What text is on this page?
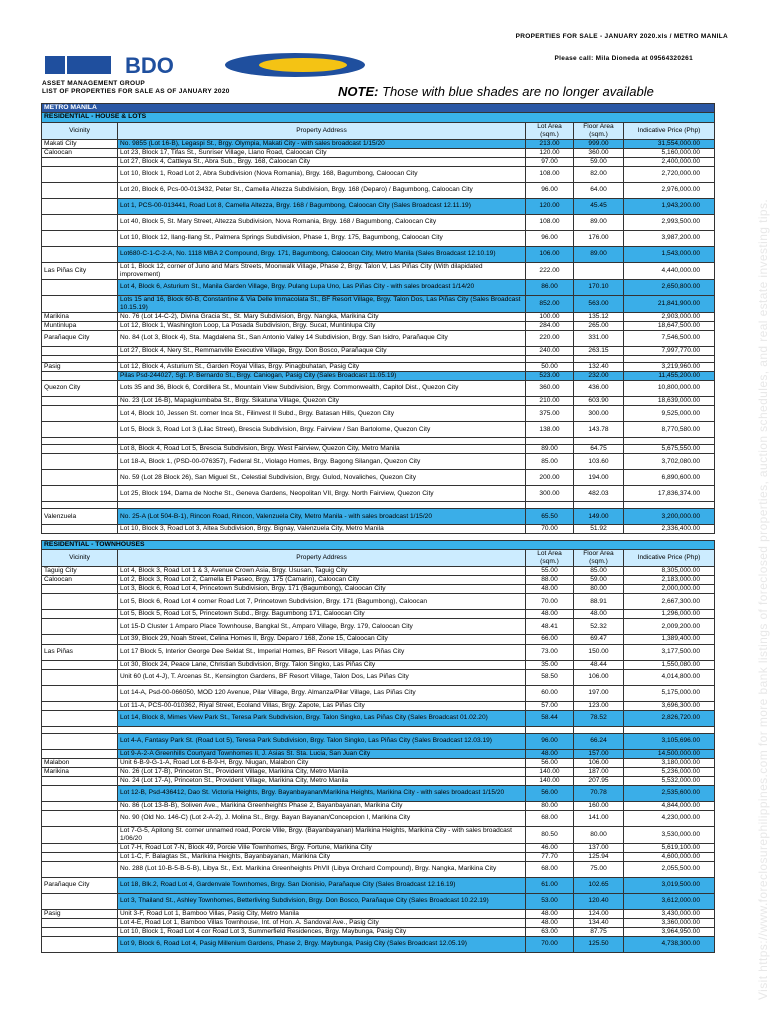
PROPERTIES FOR SALE - JANUARY 2020.xls / METRO MANILA
BDO	Please call: Mila Dioneda at 09564320261
ASSET MANAGEMENT GROUP
LIST OF PROPERTIES FOR SALE AS OF JANUARY 2020	NOTE: Those with blue shades are no longer available
Visit https://www.foreclosurephilippines.com for more bank listings of foreclosed properties, auction schedules, and real estate investing tips.
METRO MANILA				
RESIDENTIAL - HOUSE & LOTS				
Vicinity	Property Address	Lot Area (sqm.)	Floor Area (sqm.)	Indicative Price (Php)
Makati City	No. 9855 (Lot 16-B), Legaspi St., Brgy. Olympia, Makati City - with sales broadcast 1/15/20	213.00	999.00	31,554,000.00
Caloocan	Lot 23, Block 17, Tifas St., Sunriser Village, Llano Road, Caloocan City	120.00	360.00	5,160,000.00
	Lot 27, Block 4, Cattleya St., Abra Sub., Brgy. 168, Caloocan City	97.00	59.00	2,400,000.00
	Lot 10, Block 1, Road Lot 2, Abra Subdivision (Nova Romania), Brgy. 168, Bagumbong, Caloocan City	108.00	82.00	2,720,000.00
	Lot 20, Block 6, Pcs-00-013432, Peter St., Camella Altezza Subdivision, Brgy. 168 (Deparo) / Bagumbong, Caloocan City	96.00	64.00	2,976,000.00
	Lot 1, PCS-00-013441, Road Lot 8, Camella Altezza, Brgy. 168 / Bagumbong, Caloocan City (Sales Broadcast 12.11.19)	120.00	45.45	1,943,200.00
	Lot 40, Block 5, St. Mary Street, Altezza Subdivision, Nova Romania, Brgy. 168 / Bagumbong, Caloocan City	108.00	89.00	2,993,500.00
	Lot 10, Block 12, Ilang-Ilang St., Palmera Springs Subdivision, Phase 1, Brgy. 175, Bagumbong, Caloocan City	96.00	176.00	3,987,200.00
	Lot680-C-1-C-2-A, No. 1118 MBA 2 Compound, Brgy. 171, Bagumbong, Caloocan City, Metro Manila (Sales Broadcast 12.10.19)	106.00	89.00	1,543,000.00
Las Piñas City	Lot 1, Block 12, corner of Juno and Mars Streets, Moonwalk Village, Phase 2, Brgy. Talon V, Las Piñas City (With dilapidated improvement)	222.00		4,440,000.00
	Lot 4, Block 6, Asturium St., Manila Garden Village, Brgy. Pulang Lupa Uno, Las Piñas City - with sales broadcast 1/14/20	86.00	170.10	2,650,800.00
	Lots 15 and 16, Block 60-B, Constantine & Via Delle Immacolata St., BF Resort Village, Brgy. Talon Dos, Las Piñas City (Sales Broadcast 10.15.19)	852.00	563.00	21,841,900.00
Marikina	No. 76 (Lot 14-C-2), Divina Gracia St., St. Mary Subdivision, Brgy. Nangka, Marikina City	100.00	135.12	2,903,000.00
Muntinlupa	Lot 12, Block 1, Washington Loop, La Posada Subdivision, Brgy. Sucat, Muntinlupa City	284.00	265.00	18,647,500.00
Parañaque City	No. 84 (Lot 3, Block 4), Sta. Magdalena St., San Antonio Valley 14 Subdivision, Brgy. San Isidro, Parañaque City	220.00	331.00	7,546,500.00
	Lot 27, Block 4, Nery St., Remmanville Executive Village, Brgy. Don Bosco, Parañaque City	240.00	263.15	7,997,770.00

Pasig	Lot 12, Block 4, Asturium St., Garden Royal Villas, Brgy. Pinagbuhatan, Pasig City	50.00	132.40	3,219,960.00
	Pilas Psd-244027, Sgt. P. Bernardo St., Brgy. Caniogan, Pasig City (Sales Broadcast 11.05.19)	523.00	232.00	11,455,200.00
Quezon City	Lots 35 and 36, Block 6, Cordillera St., Mountain View Subdivision, Brgy. Commonwealth, Capitol Dist., Quezon City	360.00	436.00	10,800,000.00
	No. 23 (Lot 16-B), Mapagkumbaba St., Brgy. Sikatuna Village, Quezon City	210.00	603.90	18,639,000.00
	Lot 4, Block 10, Jessen St. corner Inca St., Filinvest II Subd., Brgy. Batasan Hills, Quezon City	375.00	300.00	9,525,000.00
	Lot 5, Block 3, Road Lot 3 (Lilac Street), Brescia Subdivision, Brgy. Fairview / San Bartolome, Quezon City	138.00	143.78	8,770,580.00

	Lot 8, Block 4, Road Lot 5, Brescia Subdivision, Brgy. West Fairview, Quezon City, Metro Manila	89.00	64.75	5,675,550.00
	Lot 18-A, Block 1, (PSD-00-076357), Federal St., Violago Homes, Brgy. Bagong Silangan, Quezon City	85.00	103.60	3,702,080.00
	No. 59 (Lot 28 Block 26), San Miguel St., Celestial Subdivision, Brgy. Gulod, Novaliches, Quezon City	200.00	194.00	6,890,600.00
	Lot 25, Block 194, Dama de Noche St., Geneva Gardens, Neopolitan VII, Brgy. North Fairview, Quezon City	300.00	482.03	17,836,374.00

Valenzuela	No. 25-A (Lot 504-B-1), Rincon Road, Rincon, Valenzuela City, Metro Manila - with sales broadcast 1/15/20	65.50	149.00	3,200,000.00
	Lot 10, Block 3, Road Lot 3, Altea Subdivision, Brgy. Bignay, Valenzuela City, Metro Manila	70.00	51.92	2,336,400.00
RESIDENTIAL - TOWNHOUSES				
Vicinity	Property Address	Lot Area (sqm.)	Floor Area (sqm.)	Indicative Price (Php)
Taguig City	Lot 4, Block 3, Road Lot 1 & 3, Avenue Crown Asia, Brgy. Ususan, Taguig City	55.00	85.00	8,305,000.00
Caloocan	Lot 2, Block 3, Road Lot 2, Camella El Paseo, Brgy. 175 (Camarin), Caloocan City	88.00	59.00	2,183,000.00
	Lot 3, Block 6, Road Lot 4, Princetown Subdivision, Brgy. 171 (Bagumbong), Caloocan City	48.00	80.00	2,000,000.00
	Lot 5, Block 6, Road Lot 4 corner Road Lot 7, Princetown Subdivision, Brgy. 171 (Bagumbong), Caloocan	70.00	88.91	2,667,300.00
	Lot 5, Block 5, Road Lot 5, Princetown Subd., Brgy. Bagumbong 171, Caloocan City	48.00	48.00	1,296,000.00
	Lot 15-D Cluster 1 Amparo Place Townhouse, Bangkal St., Amparo Village, Brgy. 179, Caloocan City	48.41	52.32	2,009,200.00
	Lot 39, Block 29, Noah Street, Celina Homes II, Brgy. Deparo / 168, Zone 15, Caloocan City	66.00	69.47	1,389,400.00
Las Piñas	Lot 17 Block 5, Interior George Dee Seklat St., Imperial Homes, BF Resort Village, Las Piñas City	73.00	150.00	3,177,500.00
	Lot 30, Block 24, Peace Lane, Christian Subdivision, Brgy. Talon Singko, Las Piñas City	35.00	48.44	1,550,080.00
	Unit 60 (Lot 4-J), T. Arcenas St., Kensington Gardens, BF Resort Village, Talon Dos, Las Piñas City	58.50	106.00	4,014,800.00
	Lot 14-A, Psd-00-066050, MOD 120 Avenue, Pilar Village, Brgy. Almanza/Pilar Village, Las Piñas City	60.00	197.00	5,175,000.00
	Lot 11-A, PCS-00-010362, Riyal Street, Ecoland Villas, Brgy. Zapote, Las Piñas City	57.00	123.00	3,696,300.00
	Lot 14, Block 8, Mimes View Park St., Teresa Park Subdivision, Brgy. Talon Singko, Las Piñas City (Sales Broadcast 01.02.20)	58.44	78.52	2,826,720.00

	Lot 4-A, Fantasy Park St. (Road Lot 5), Teresa Park Subdivision, Brgy. Talon Singko, Las Piñas City (Sales Broadcast 12.03.19)	96.00	66.24	3,105,696.00
	Lot 9-A-2-A Greenhills Courtyard Townhomes II, J. Asias St. Sta. Lucia, San Juan City	48.00	157.00	14,500,000.00
Malabon	Unit 6-B-9-G-1-A, Road Lot 6-B-9-H, Brgy. Niugan, Malabon City	56.00	106.00	3,180,000.00
Marikina	No. 26 (Lot 17-B), Princeton St., Provident Village, Marikina City, Metro Manila	140.00	187.00	5,236,000.00
	No. 24 (Lot 17-A), Princeton St., Provident Village, Marikina City, Metro Manila	140.00	207.95	5,532,000.00
	Lot 12-B, Psd-436412, Dao St. Victoria Heights, Brgy. Bayanbayanan/Marikina Heights, Marikina City - with sales broadcast 1/15/20	56.00	70.78	2,535,600.00
	No. 86 (Lot 13-B-B), Soliven Ave., Marikina Greenheights Phase 2, Bayanbayanan, Marikina City	80.00	160.00	4,844,000.00
	No. 90 (Old No. 146-C) (Lot 2-A-2), J. Molina St., Brgy. Bayan Bayanan/Concepcion I, Marikina City	68.00	141.00	4,230,000.00
	Lot 7-G-5, Apitong St. corner unnamed road, Porcie Ville, Brgy. (Bayanbayanan) Marikina Heights, Marikina City - with sales broadcast 1/06/20	80.50	80.00	3,530,000.00
	Lot 7-H, Road Lot 7-N, Block 49, Porcie Ville Townhomes, Brgy. Fortune, Marikina City	46.00	137.00	5,619,100.00
	Lot 1-C, F. Balagtas St., Marikina Heights, Bayanbayanan, Marikina City	77.70	125.94	4,600,000.00
	No. 288 (Lot 10-B-5-B-5-B), Libya St., Ext. Marikina Greenheights PhVII (Libya Orchard Compound), Brgy. Nangka, Marikina City	68.00	75.00	2,055,500.00
Parañaque City	Lot 18, Blk.2, Road Lot 4, Gardenvale Townhomes, Brgy. San Dionisio, Parañaque City (Sales Broadcast 12.16.19)	61.00	102.65	3,019,500.00
	Lot 3, Thailand St., Ashley Townhomes, Betterliving Subdivision, Brgy. Don Bosco, Parañaque City (Sales Broadcast 10.22.19)	53.00	120.40	3,612,000.00
Pasig	Unit 3-F, Road Lot 1, Bamboo Villas, Pasig City, Metro Manila	48.00	124.00	3,430,000.00
	Lot 4-E, Road Lot 1, Bamboo Villas Townhouse, Int. of Hon. A. Sandoval Ave., Pasig City	48.00	134.40	3,360,000.00
	Lot 10, Block 1, Road Lot 4 cor Road Lot 3, Summerfield Residences, Brgy. Maybunga, Pasig City	63.00	87.75	3,964,950.00
	Lot 9, Block 6, Road Lot 4, Pasig Millenium Gardens, Phase 2, Brgy. Maybunga, Pasig City (Sales Broadcast 12.05.19)	70.00	125.50	4,738,300.00
